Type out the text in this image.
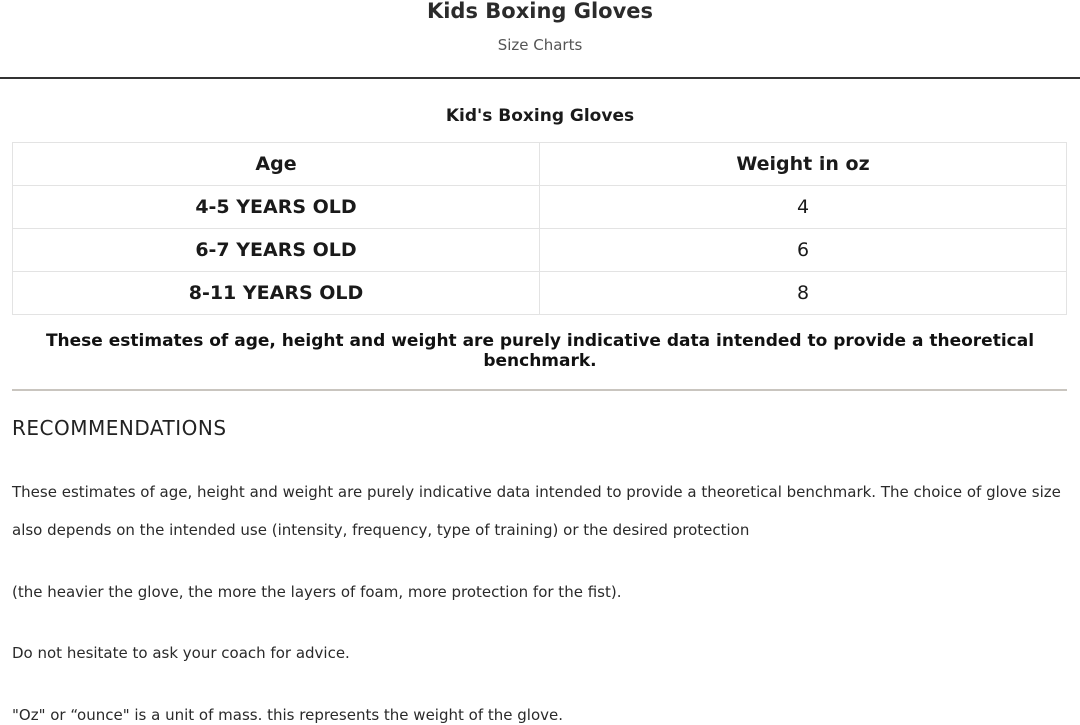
Kids Boxing Gloves
Size Charts
Kid's Boxing Gloves
Age	Weight in oz
4-5 YEARS OLD	4
6-7 YEARS OLD	6
8-11 YEARS OLD	8
These estimates of age, height and weight are purely indicative data intended to provide a theoretical benchmark.
RECOMMENDATIONS
These estimates of age, height and weight are purely indicative data intended to provide a theoretical benchmark. The choice of glove size
also depends on the intended use (intensity, frequency, type of training) or the desired protection
(the heavier the glove, the more the layers of foam, more protection for the fist).
Do not hesitate to ask your coach for advice.
"Oz" or “ounce" is a unit of mass. this represents the weight of the glove.
